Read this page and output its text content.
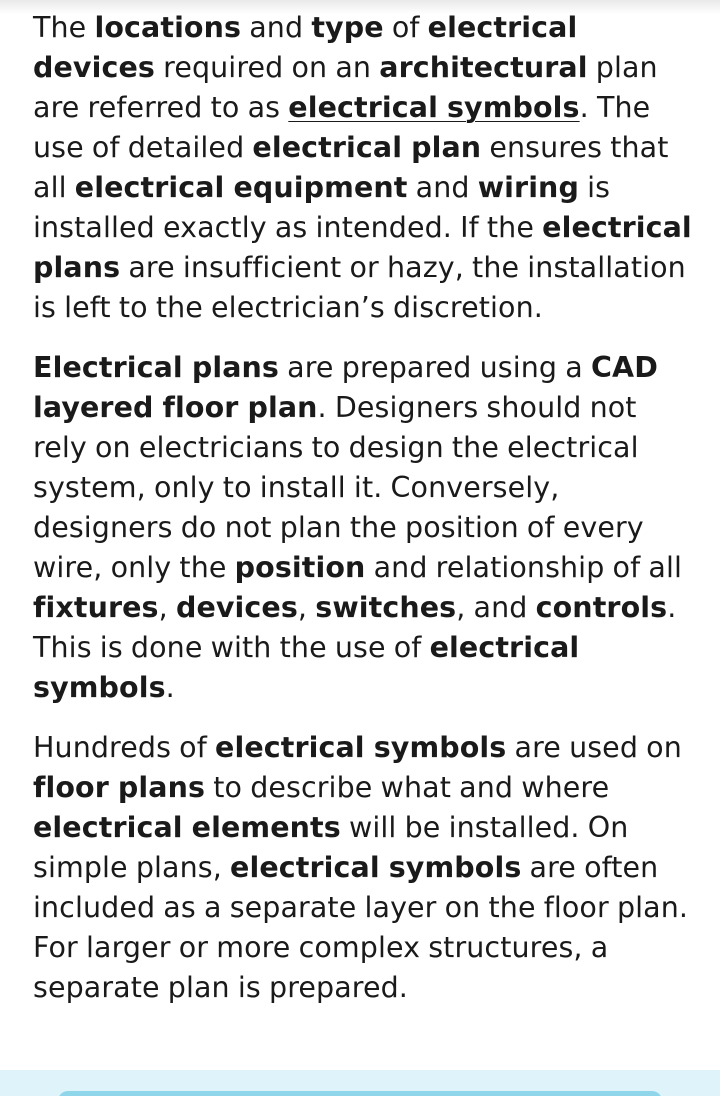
The locations and type of electrical devices required on an architectural plan are referred to as electrical symbols. The use of detailed electrical plan ensures that all electrical equipment and wiring is installed exactly as intended. If the electrical plans are insufficient or hazy, the installation is left to the electrician’s discretion.

Electrical plans are prepared using a CAD layered floor plan. Designers should not rely on electricians to design the electrical system, only to install it. Conversely, designers do not plan the position of every wire, only the position and relationship of all fixtures, devices, switches, and controls. This is done with the use of electrical symbols.

Hundreds of electrical symbols are used on floor plans to describe what and where electrical elements will be installed. On simple plans, electrical symbols are often included as a separate layer on the floor plan. For larger or more complex structures, a separate plan is prepared.
